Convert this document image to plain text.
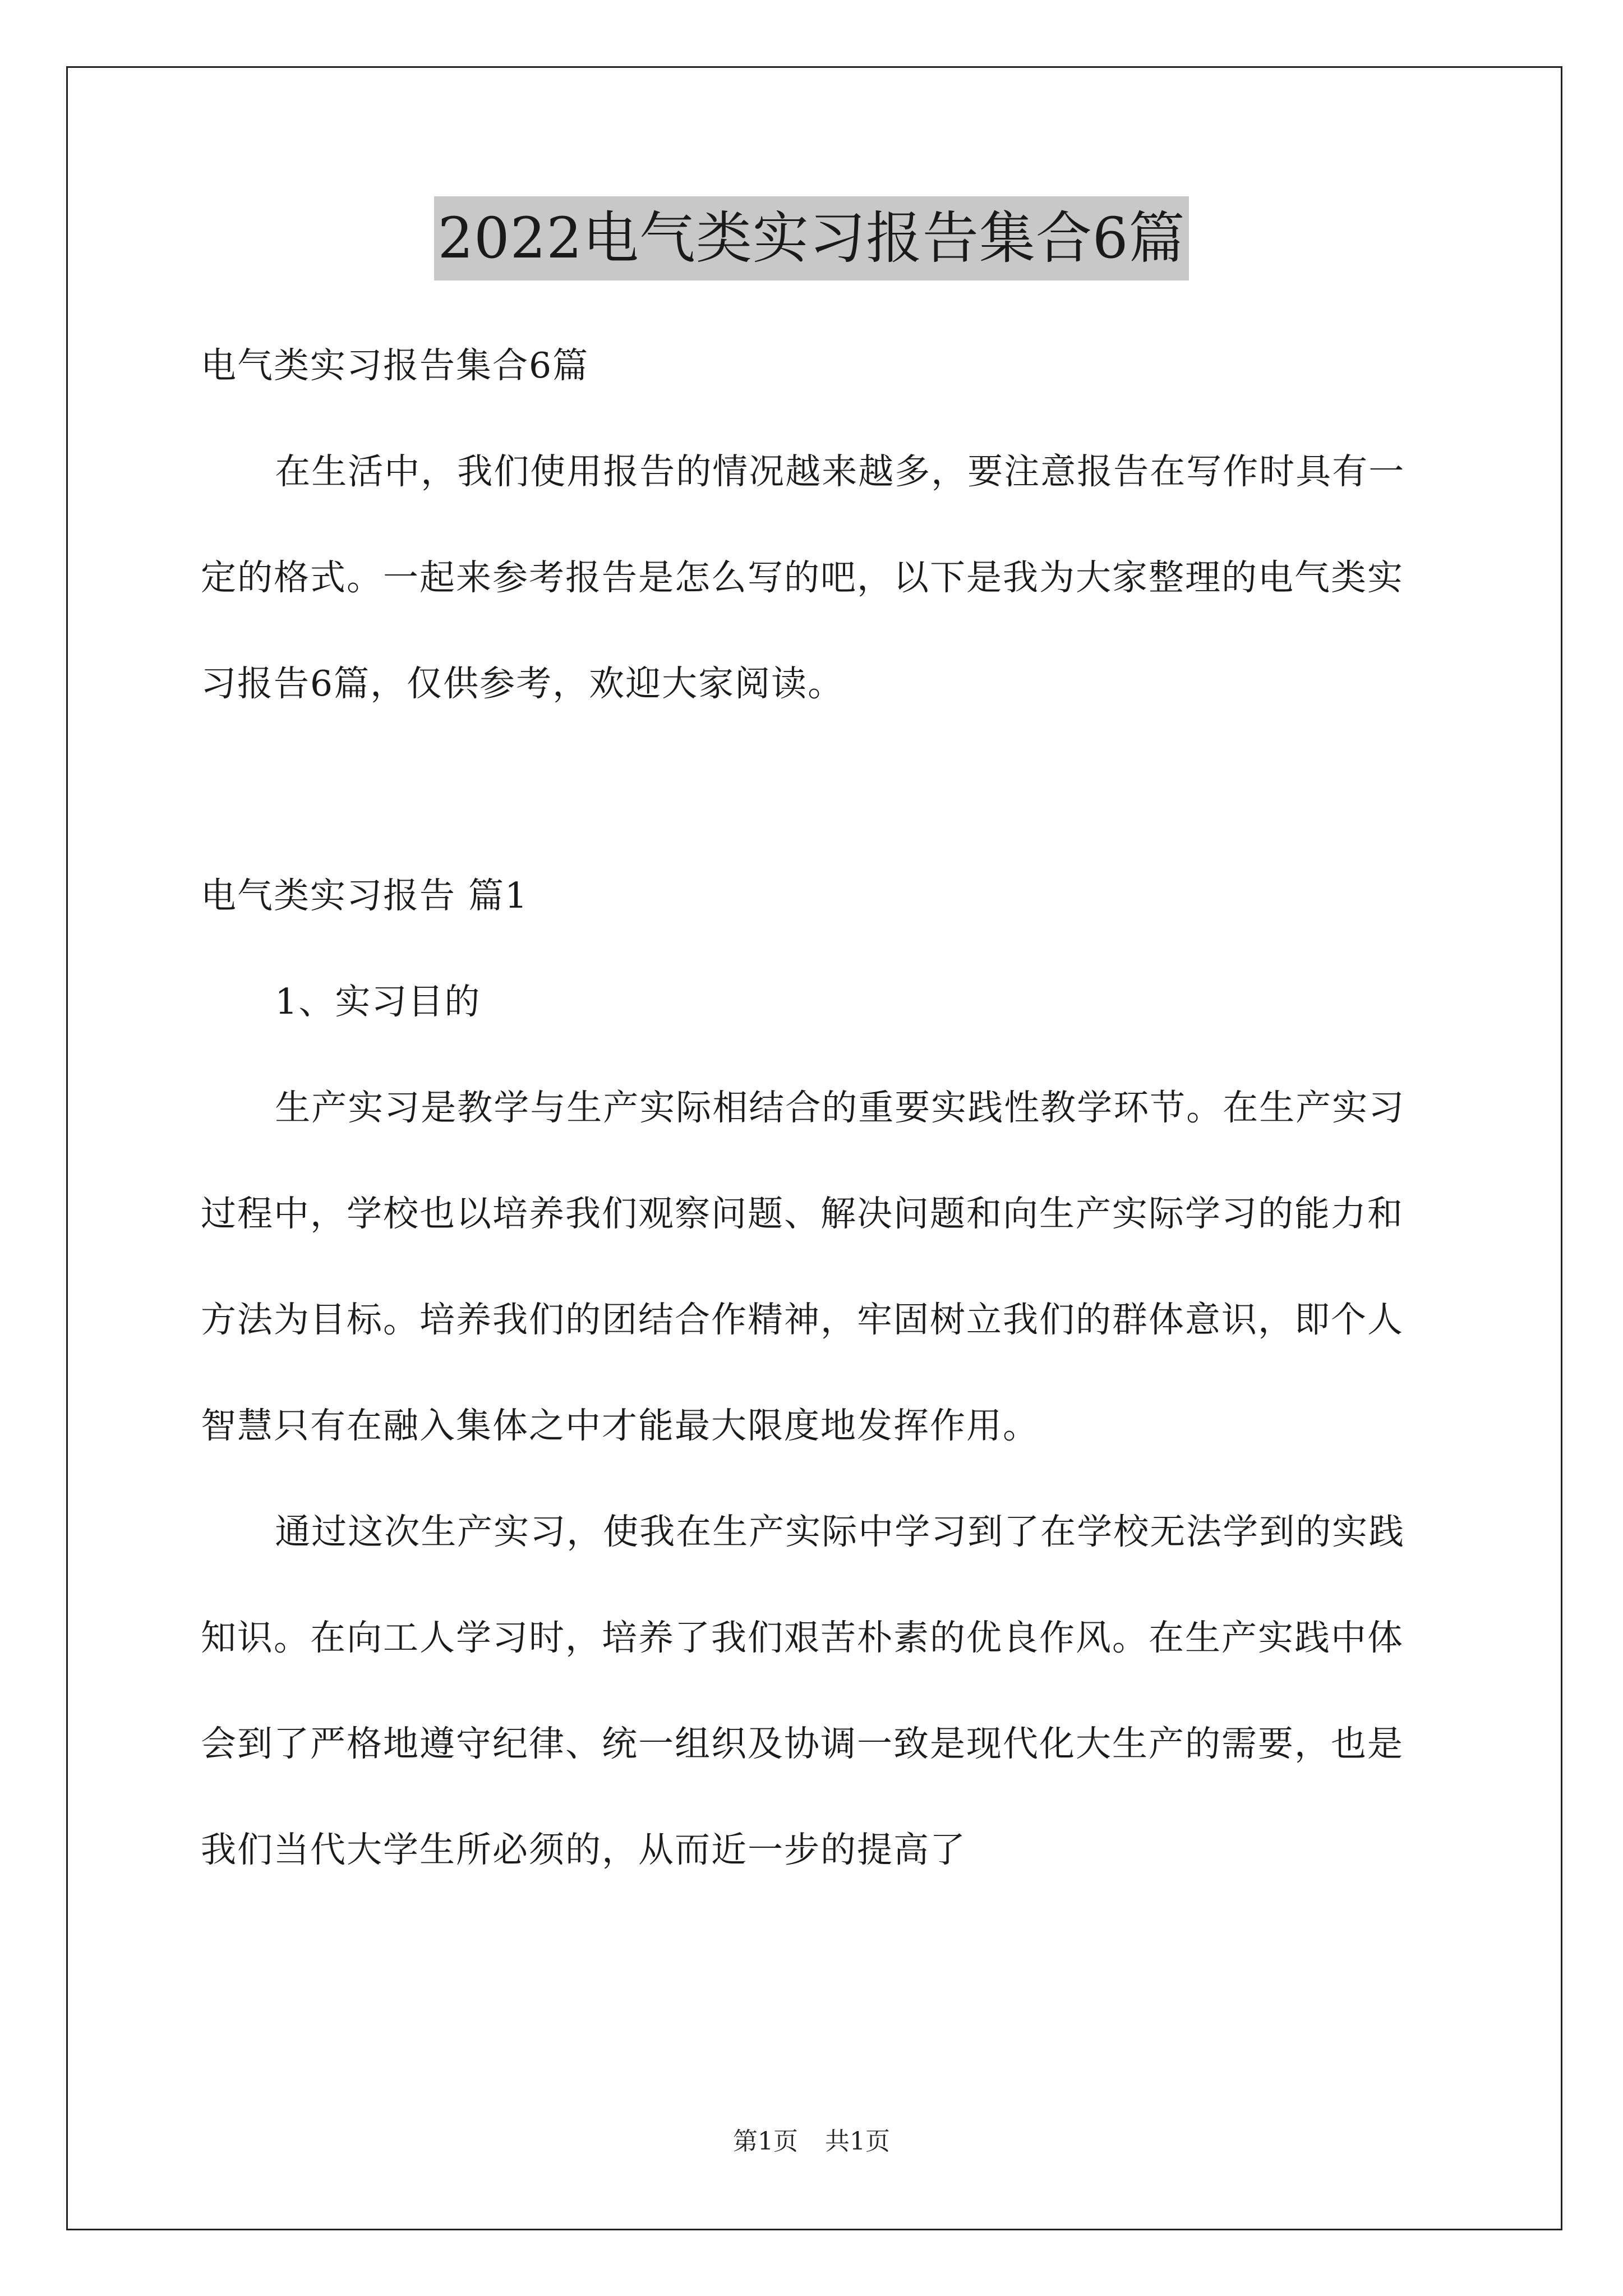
2022电气类实习报告集合6篇

电气类实习报告集合6篇

在生活中，我们使用报告的情况越来越多，要注意报告在写作时具有一定的格式。一起来参考报告是怎么写的吧，以下是我为大家整理的电气类实习报告6篇，仅供参考，欢迎大家阅读。

电气类实习报告 篇1

1、实习目的

生产实习是教学与生产实际相结合的重要实践性教学环节。在生产实习过程中，学校也以培养我们观察问题、解决问题和向生产实际学习的能力和方法为目标。培养我们的团结合作精神，牢固树立我们的群体意识，即个人智慧只有在融入集体之中才能最大限度地发挥作用。

通过这次生产实习，使我在生产实际中学习到了在学校无法学到的实践知识。在向工人学习时，培养了我们艰苦朴素的优良作风。在生产实践中体会到了严格地遵守纪律、统一组织及协调一致是现代化大生产的需要，也是我们当代大学生所必须的，从而近一步的提高了

第1页 共1页
